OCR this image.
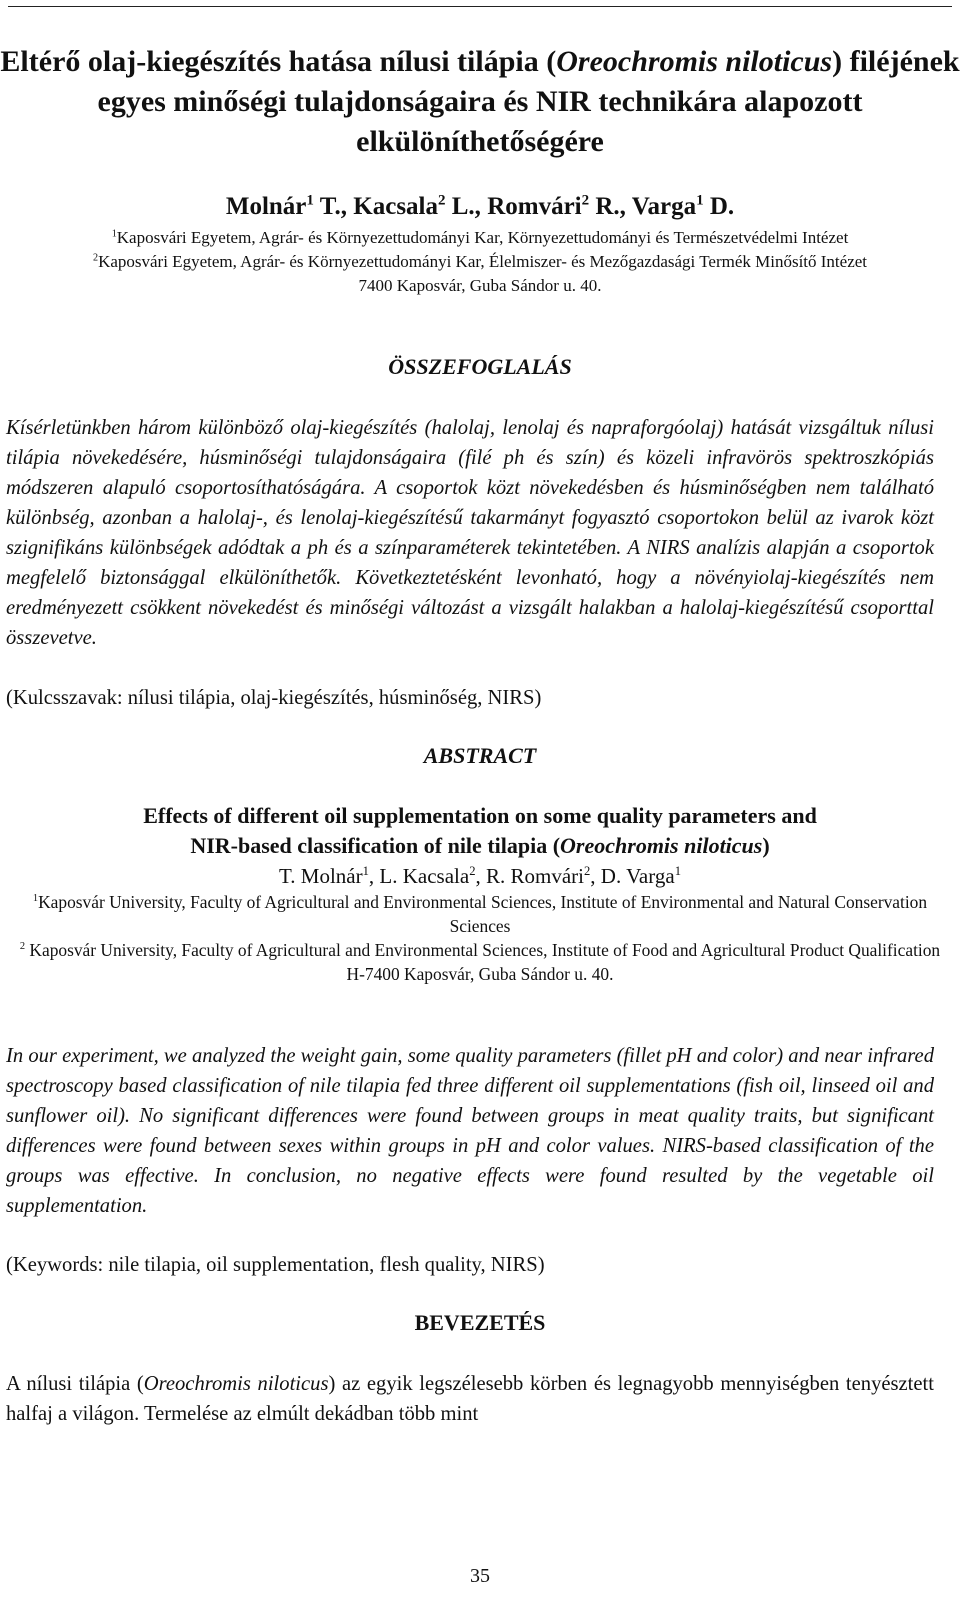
Eltérő olaj-kiegészítés hatása nílusi tilápia (Oreochromis niloticus) filéjének egyes minőségi tulajdonságaira és NIR technikára alapozott elkülöníthetőségére
Molnár$^1$ T., Kacsala$^2$ L., Romvári$^2$ R., Varga$^1$ D.
$^1$Kaposvári Egyetem, Agrár- és Környezettudományi Kar, Környezettudományi és Természetvédelmi Intézet
$^2$Kaposvári Egyetem, Agrár- és Környezettudományi Kar, Élelmiszer- és Mezőgazdasági Termék Minősítő Intézet
7400 Kaposvár, Guba Sándor u. 40.
ÖSSZEFOGLALÁS
Kísérletünkben három különböző olaj-kiegészítés (halolaj, lenolaj és napraforgóolaj) hatását vizsgáltuk nílusi tilápia növekedésére, húsminőségi tulajdonságaira (filé ph és szín) és közeli infravörös spektroszkópiás módszeren alapuló csoportosíthatóságára. A csoportok közt növekedésben és húsminőségben nem található különbség, azonban a halolaj-, és lenolaj-kiegészítésű takarmányt fogyasztó csoportokon belül az ivarok közt szignifikáns különbségek adódtak a ph és a színparaméterek tekintetében. A NIRS analízis alapján a csoportok megfelelő biztonsággal elkülöníthetők. Következtetésként levonható, hogy a növényiolaj-kiegészítés nem eredményezett csökkent növekedést és minőségi változást a vizsgált halakban a halolaj-kiegészítésű csoporttal összevetve.
(Kulcsszavak: nílusi tilápia, olaj-kiegészítés, húsminőség, NIRS)
ABSTRACT
Effects of different oil supplementation on some quality parameters and
NIR-based classification of nile tilapia (Oreochromis niloticus)
T. Molnár$^1$, L. Kacsala$^2$, R. Romvári$^2$, D. Varga$^1$
$^1$Kaposvár University, Faculty of Agricultural and Environmental Sciences, Institute of Environmental and Natural Conservation Sciences
$^2$ Kaposvár University, Faculty of Agricultural and Environmental Sciences, Institute of Food and Agricultural Product Qualification
H-7400 Kaposvár, Guba Sándor u. 40.
In our experiment, we analyzed the weight gain, some quality parameters (fillet pH and color) and near infrared spectroscopy based classification of nile tilapia fed three different oil supplementations (fish oil, linseed oil and sunflower oil). No significant differences were found between groups in meat quality traits, but significant differences were found between sexes within groups in pH and color values. NIRS-based classification of the groups was effective. In conclusion, no negative effects were found resulted by the vegetable oil supplementation.
(Keywords: nile tilapia, oil supplementation, flesh quality, NIRS)
BEVEZETÉS
A nílusi tilápia (Oreochromis niloticus) az egyik legszélesebb körben és legnagyobb mennyiségben tenyésztett halfaj a világon. Termelése az elmúlt dekádban több mint
35
